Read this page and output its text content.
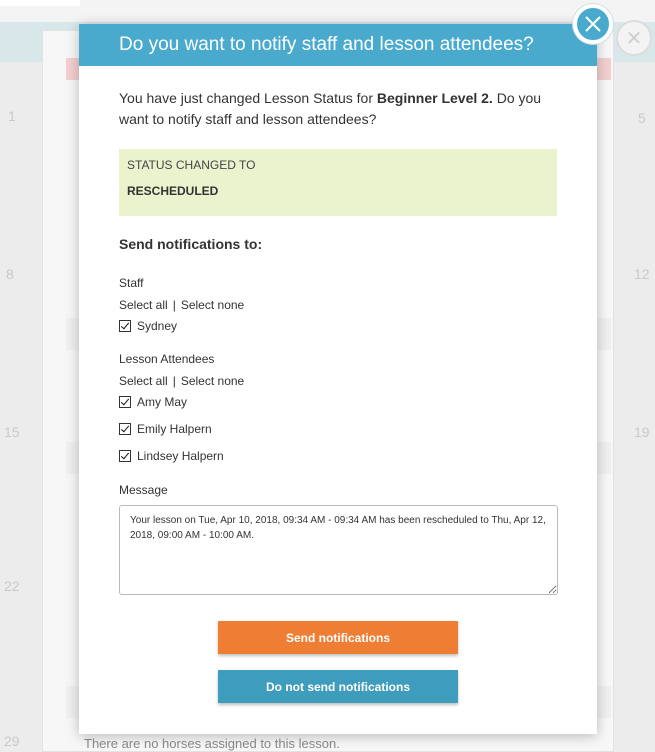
1
8
15
22
29
5
12
19
✕
There are no horses assigned to this lesson.
Do you want to notify staff and lesson attendees?

You have just changed Lesson Status for Beginner Level 2. Do you want to notify staff and lesson attendees?

STATUS CHANGED TO
RESCHEDULED
Send notifications to:
Staff
Select all | Select none
Sydney
Lesson Attendees
Select all | Select none
Amy May
Emily Halpern
Lindsey Halpern
Message
Your lesson on Tue, Apr 10, 2018, 09:34 AM - 09:34 AM has been rescheduled to Thu, Apr 12, 2018, 09:00 AM - 10:00 AM.
Send notifications
Do not send notifications
